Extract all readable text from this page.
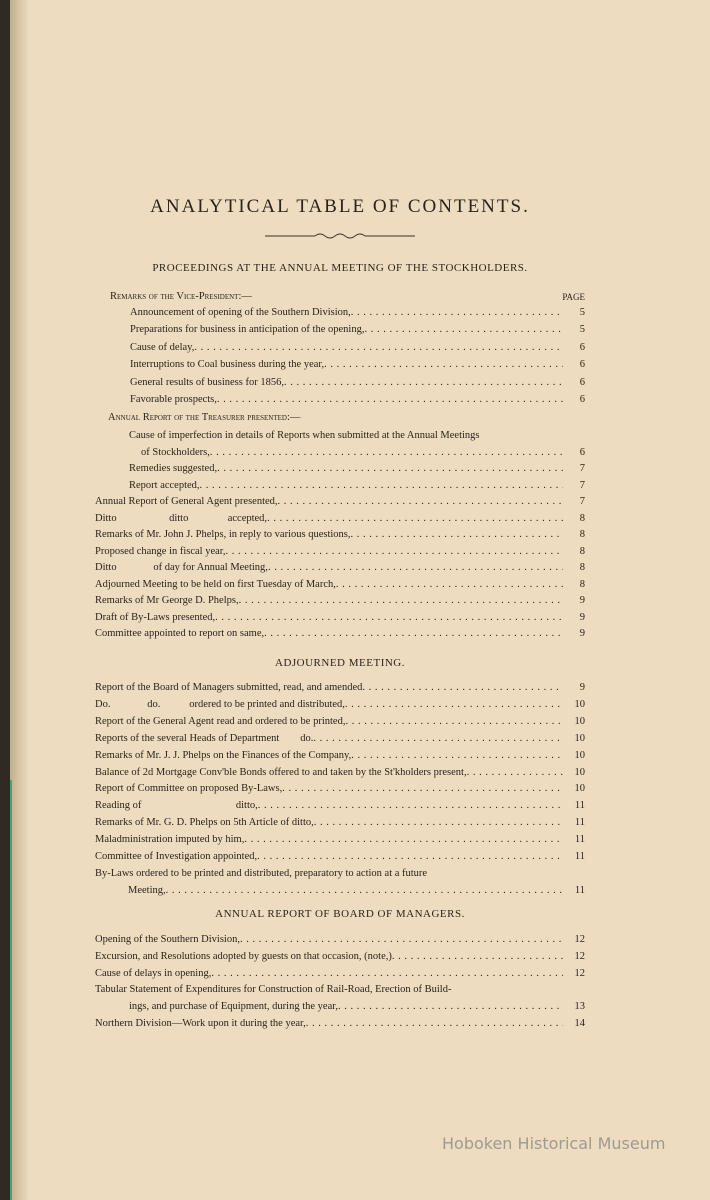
ANALYTICAL TABLE OF CONTENTS.
PROCEEDINGS AT THE ANNUAL MEETING OF THE STOCKHOLDERS.
Remarks of the Vice-President:—	PAGE
Annual Report of the Treasurer presented:—
ADJOURNED MEETING.
ANNUAL REPORT OF BOARD OF MANAGERS.
Announcement of opening of the Southern Division, . . .	5
Preparations for business in anticipation of the opening, . . .	5
Cause of delay, . . .	6
Interruptions to Coal business during the year, . . .	6
General results of business for 1856, . . .	6
Favorable prospects, . . .	6
Cause of imperfection in details of Reports when submitted at the Annual Meetings
of Stockholders, . . .	6
Remedies suggested, . . .	7
Report accepted, . . .	7
Annual Report of General Agent presented, . . .	7
Ditto                    ditto               accepted, . . .	8
Remarks of Mr. John J. Phelps, in reply to various questions, . . .	8
Proposed change in fiscal year, . . .	8
Ditto              of day for Annual Meeting, . . .	8
Adjourned Meeting to be held on first Tuesday of March, . . .	8
Remarks of Mr George D. Phelps, . . .	9
Draft of By-Laws presented, . . .	9
Committee appointed to report on same, . . .	9
Report of the Board of Managers submitted, read, and amended . . .	9
Do.              do.           ordered to be printed and distributed, . . .	10
Report of the General Agent read and ordered to be printed, . . .	10
Reports of the several Heads of Department        do. . . .	10
Remarks of Mr. J. J. Phelps on the Finances of the Company, . . .	10
Balance of 2d Mortgage Conv'ble Bonds offered to and taken by the St'kholders present, . . .	10
Report of Committee on proposed By-Laws, . . .	10
Reading of                                    ditto, . . .	11
Remarks of Mr. G. D. Phelps on 5th Article of ditto, . . .	11
Maladministration imputed by him, . . .	11
Committee of Investigation appointed, . . .	11
By-Laws ordered to be printed and distributed, preparatory to action at a future
Meeting, . . .	11
Opening of the Southern Division, . . .	12
Excursion, and Resolutions adopted by guests on that occasion, (note,) . . .	12
Cause of delays in opening, . . .	12
Tabular Statement of Expenditures for Construction of Rail-Road, Erection of Build-
ings, and purchase of Equipment, during the year, . . .	13
Northern Division—Work upon it during the year, . . .	14
Hoboken Historical Museum
